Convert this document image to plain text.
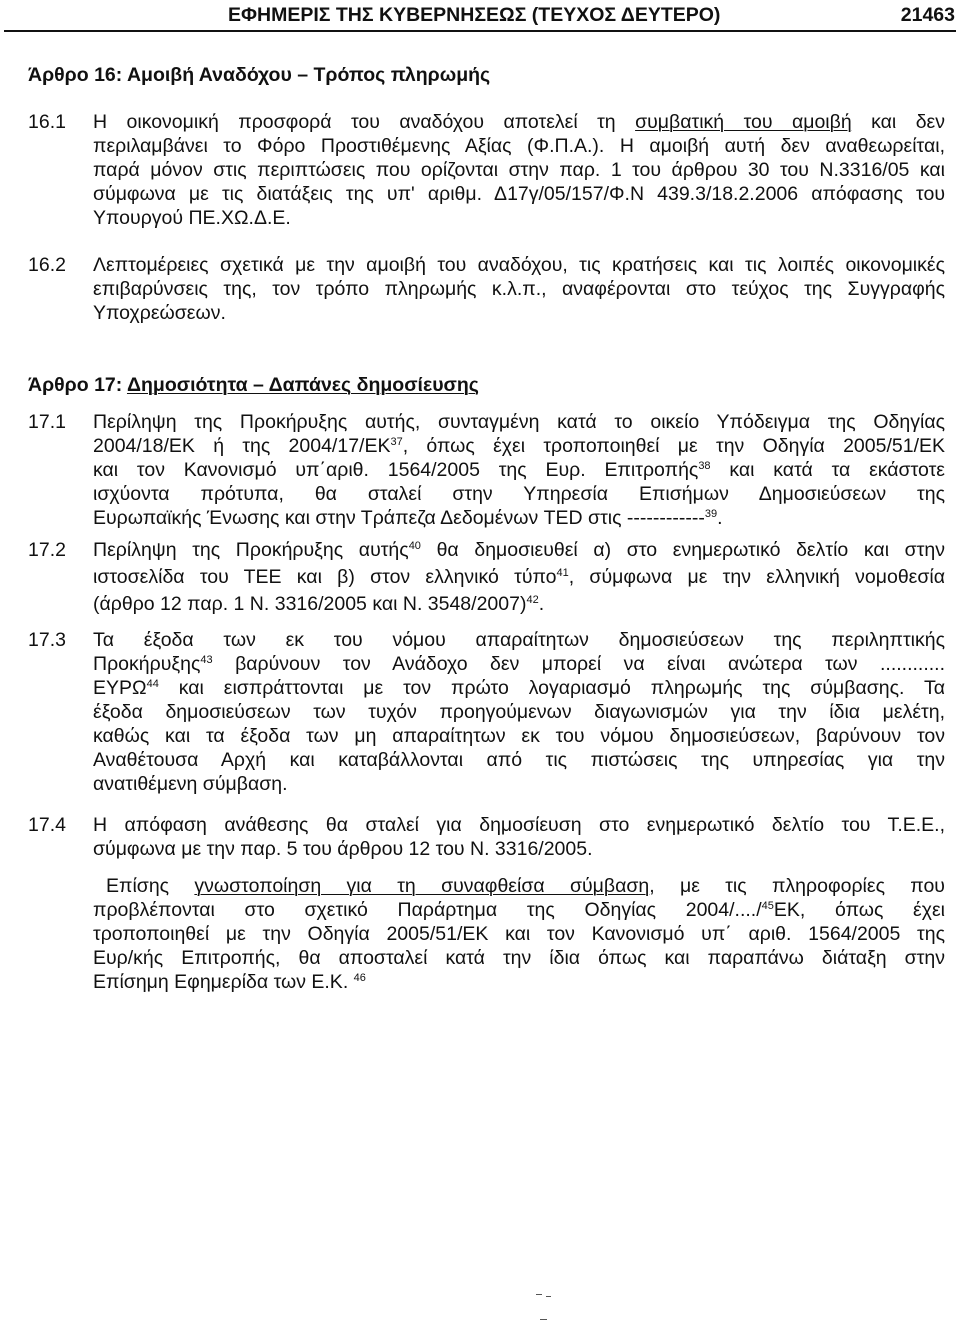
ΕΦΗΜΕΡΙΣ ΤΗΣ ΚΥΒΕΡΝΗΣΕΩΣ (ΤΕΥΧΟΣ ΔΕΥΤΕΡΟ)	21463
Άρθρο 16: Αμοιβή Αναδόχου – Τρόπος πληρωμής
16.1	Η οικονομική προσφορά του αναδόχου αποτελεί τη συμβατική του αμοιβή και δεν
περιλαμβάνει το Φόρο Προστιθέμενης Αξίας (Φ.Π.Α.). Η αμοιβή αυτή δεν αναθεωρείται,
παρά μόνον στις περιπτώσεις που ορίζονται στην παρ. 1 του άρθρου 30 του Ν.3316/05 και
σύμφωνα με τις διατάξεις της υπ' αριθμ. Δ17γ/05/157/Φ.Ν 439.3/18.2.2006 απόφασης του
Υπουργού ΠΕ.ΧΩ.Δ.Ε.
16.2	Λεπτομέρειες σχετικά με την αμοιβή του αναδόχου, τις κρατήσεις και τις λοιπές οικονομικές
επιβαρύνσεις της, τον τρόπο πληρωμής κ.λ.π., αναφέρονται στο τεύχος της Συγγραφής
Υποχρεώσεων.
Άρθρο 17: Δημοσιότητα – Δαπάνες δημοσίευσης
17.1	Περίληψη της Προκήρυξης αυτής, συνταγμένη κατά το οικείο Υπόδειγμα της Οδηγίας
2004/18/ΕΚ ή της 2004/17/ΕΚ$^{37}$, όπως έχει τροποποιηθεί με την Οδηγία 2005/51/ΕΚ
και τον Κανονισμό υπ΄αριθ. 1564/2005 της Ευρ. Επιτροπής$^{38}$ και κατά τα εκάστοτε
ισχύοντα πρότυπα, θα σταλεί στην Υπηρεσία Επισήμων Δημοσιεύσεων της
Ευρωπαϊκής Ένωσης και στην Τράπεζα Δεδομένων TED στις ------------$^{39}$.
17.2	Περίληψη της Προκήρυξης αυτής$^{40}$ θα δημοσιευθεί α) στο ενημερωτικό δελτίο και στην
ιστοσελίδα του ΤΕΕ και β) στον ελληνικό τύπο$^{41}$, σύμφωνα με την ελληνική νομοθεσία
(άρθρο 12 παρ. 1 Ν. 3316/2005 και Ν. 3548/2007)$^{42}$.
17.3	Τα έξοδα των εκ του νόμου απαραίτητων δημοσιεύσεων της περιληπτικής
Προκήρυξης$^{43}$ βαρύνουν τον Ανάδοχο δεν μπορεί να είναι ανώτερα των ............
ΕΥΡΩ$^{44}$ και εισπράττονται με τον πρώτο λογαριασμό πληρωμής της σύμβασης. Τα
έξοδα δημοσιεύσεων των τυχόν προηγούμενων διαγωνισμών για την ίδια μελέτη,
καθώς και τα έξοδα των μη απαραίτητων εκ του νόμου δημοσιεύσεων, βαρύνουν τον
Αναθέτουσα Αρχή και καταβάλλονται από τις πιστώσεις της υπηρεσίας για την
ανατιθέμενη σύμβαση.
17.4	Η απόφαση ανάθεσης θα σταλεί για δημοσίευση στο ενημερωτικό δελτίο του Τ.Ε.Ε.,
σύμφωνα με την παρ. 5 του άρθρου 12 του Ν. 3316/2005.
Επίσης γνωστοποίηση για τη συναφθείσα σύμβαση, με τις πληροφορίες που
προβλέπονται στο σχετικό Παράρτημα της Οδηγίας 2004/..../$^{45}$ΕΚ, όπως έχει
τροποποιηθεί με την Οδηγία 2005/51/ΕΚ και τον Κανονισμό υπ΄ αριθ. 1564/2005 της
Ευρ/κής Επιτροπής, θα αποσταλεί κατά την ίδια όπως και παραπάνω διάταξη στην
Επίσημη Εφημερίδα των Ε.Κ. $^{46}$
